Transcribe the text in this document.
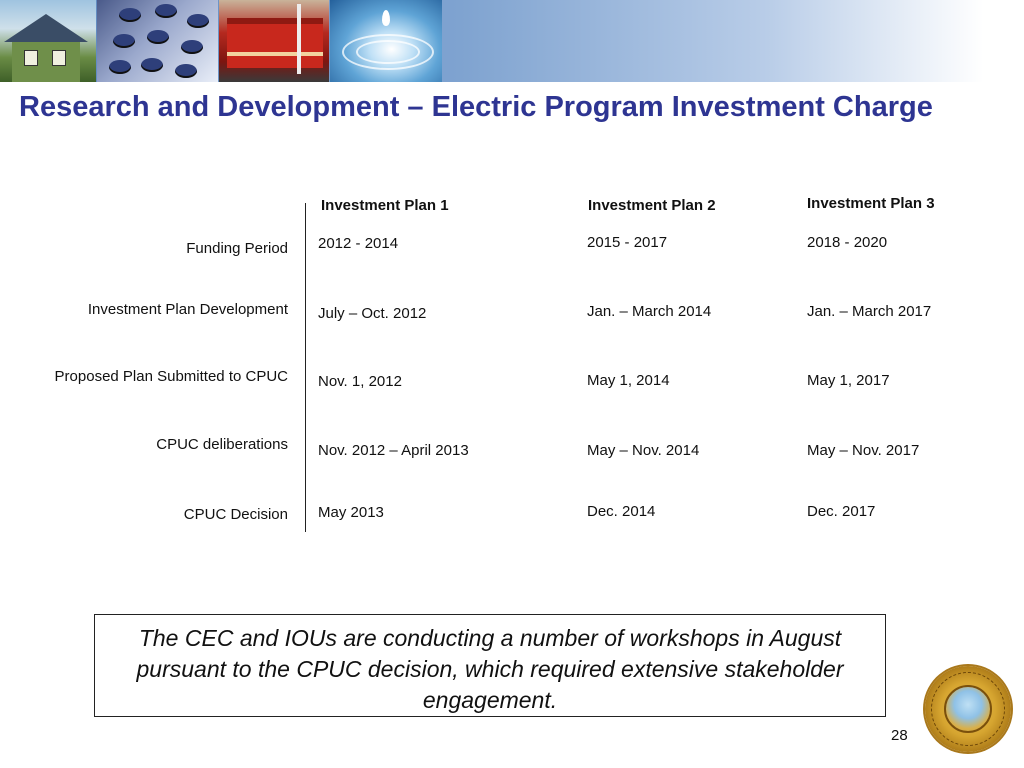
Research and Development – Electric Program Investment Charge
Investment Plan 1	Investment Plan 2	Investment Plan 3
Funding Period 2012 - 2014	2015 - 2017	2018 - 2020
Investment Plan Development July – Oct. 2012	Jan. – March 2014	Jan. – March 2017
Proposed Plan Submitted to CPUC Nov. 1, 2012	May 1, 2014	May 1, 2017
CPUC deliberations Nov. 2012 – April 2013	May – Nov. 2014	May – Nov. 2017
CPUC Decision May 2013	Dec. 2014	Dec. 2017
The CEC and IOUs are conducting a number of workshops in August pursuant to the CPUC decision, which required extensive stakeholder engagement.
28
